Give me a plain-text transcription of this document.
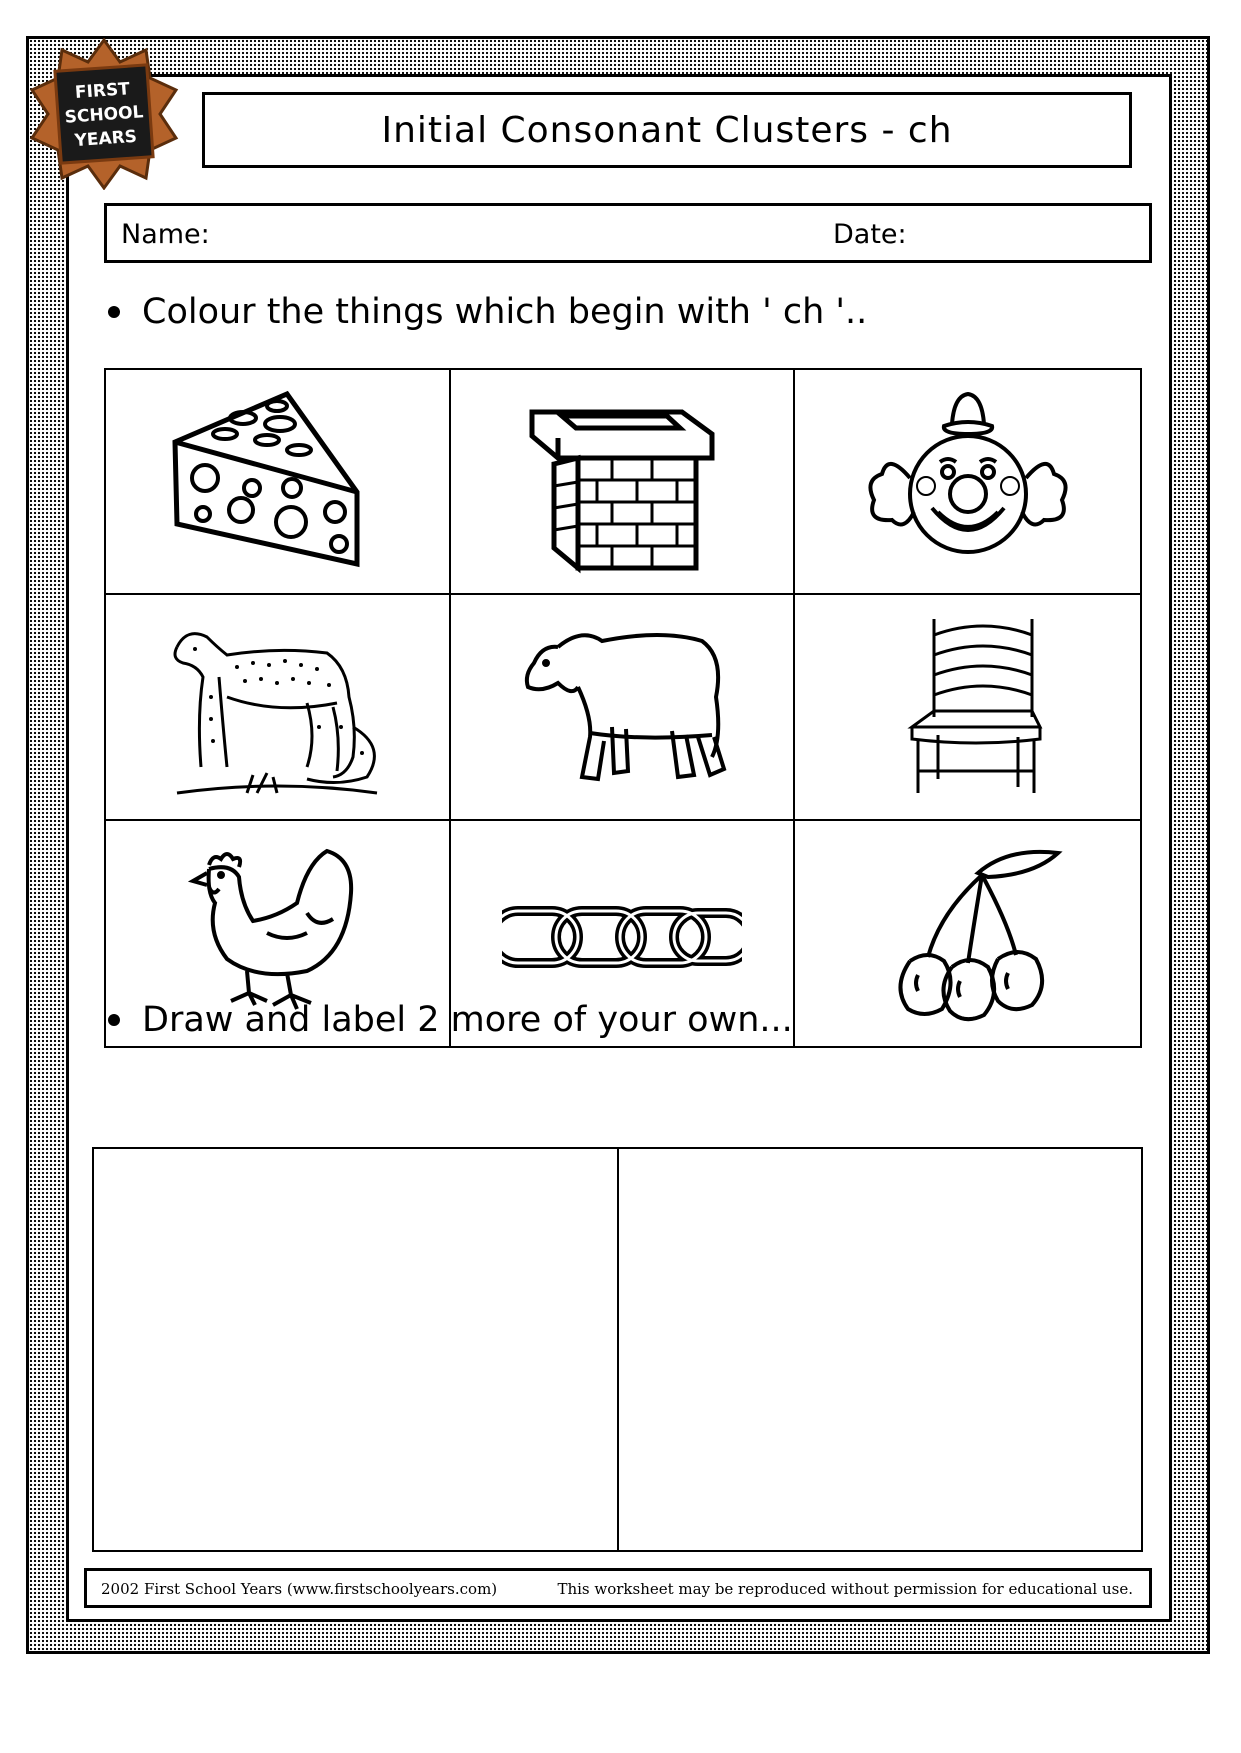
FIRST
SCHOOL
YEARS	Initial Consonant Clusters - ch
Name:	Date:
Colour the things which begin with ' ch '..
Draw and label 2 more of your own...
2002 First School Years (www.firstschoolyears.com)	This worksheet may be reproduced without permission for educational use.
